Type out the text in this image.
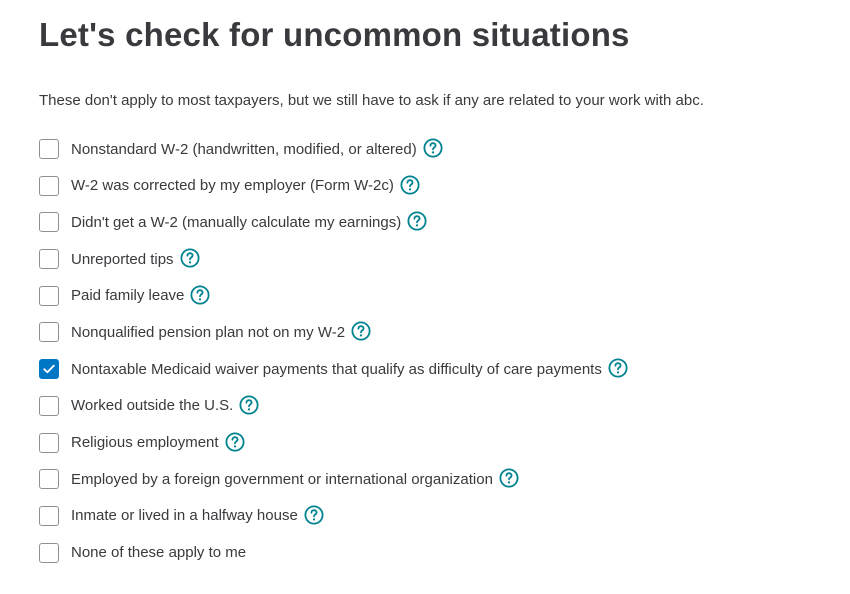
Let's check for uncommon situations

These don't apply to most taxpayers, but we still have to ask if any are related to your work with abc.

Nonstandard W-2 (handwritten, modified, or altered)
W-2 was corrected by my employer (Form W-2c)
Didn't get a W-2 (manually calculate my earnings)
Unreported tips
Paid family leave
Nonqualified pension plan not on my W-2
Nontaxable Medicaid waiver payments that qualify as difficulty of care payments
Worked outside the U.S.
Religious employment
Employed by a foreign government or international organization
Inmate or lived in a halfway house
None of these apply to me
